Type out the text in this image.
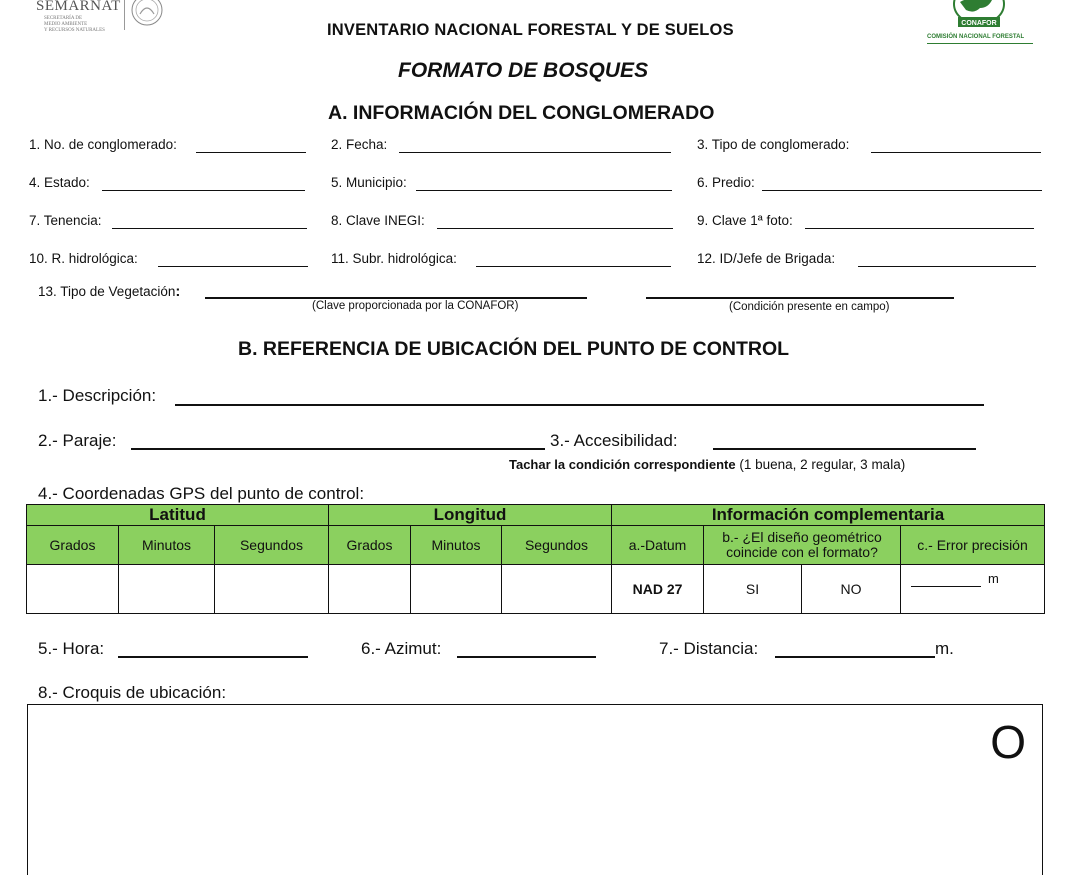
SEMARNAT
SECRETARÍA DE
MEDIO AMBIENTE
Y RECURSOS NATURALES	INVENTARIO NACIONAL FORESTAL Y DE SUELOS	CONAFOR
COMISIÓN NACIONAL FORESTAL
FORMATO DE BOSQUES
A. INFORMACIÓN DEL CONGLOMERADO
1. No. de conglomerado:	2. Fecha:	3. Tipo de conglomerado:
4. Estado:	5. Municipio:	6. Predio:
7. Tenencia:	8. Clave INEGI:	9. Clave 1ª foto:
10. R. hidrológica:	11. Subr. hidrológica:	12. ID/Jefe de Brigada:
13. Tipo de Vegetación:
(Clave proporcionada por la CONAFOR)	(Condición presente en campo)
B. REFERENCIA DE UBICACIÓN DEL PUNTO DE CONTROL
1.- Descripción:
2.- Paraje:	3.- Accesibilidad:
Tachar la condición correspondiente (1 buena, 2 regular, 3 mala)
4.- Coordenadas GPS del punto de control:
Latitud			Longitud			Información complementaria			
Grados	Minutos	Segundos	Grados	Minutos	Segundos	a.-Datum	b.- ¿El diseño geométrico coincide con el formato?		c.- Error precisión
						NAD 27	SI	NO	m
5.- Hora:	6.- Azimut:	7.- Distancia:	m.
8.- Croquis de ubicación:
O
